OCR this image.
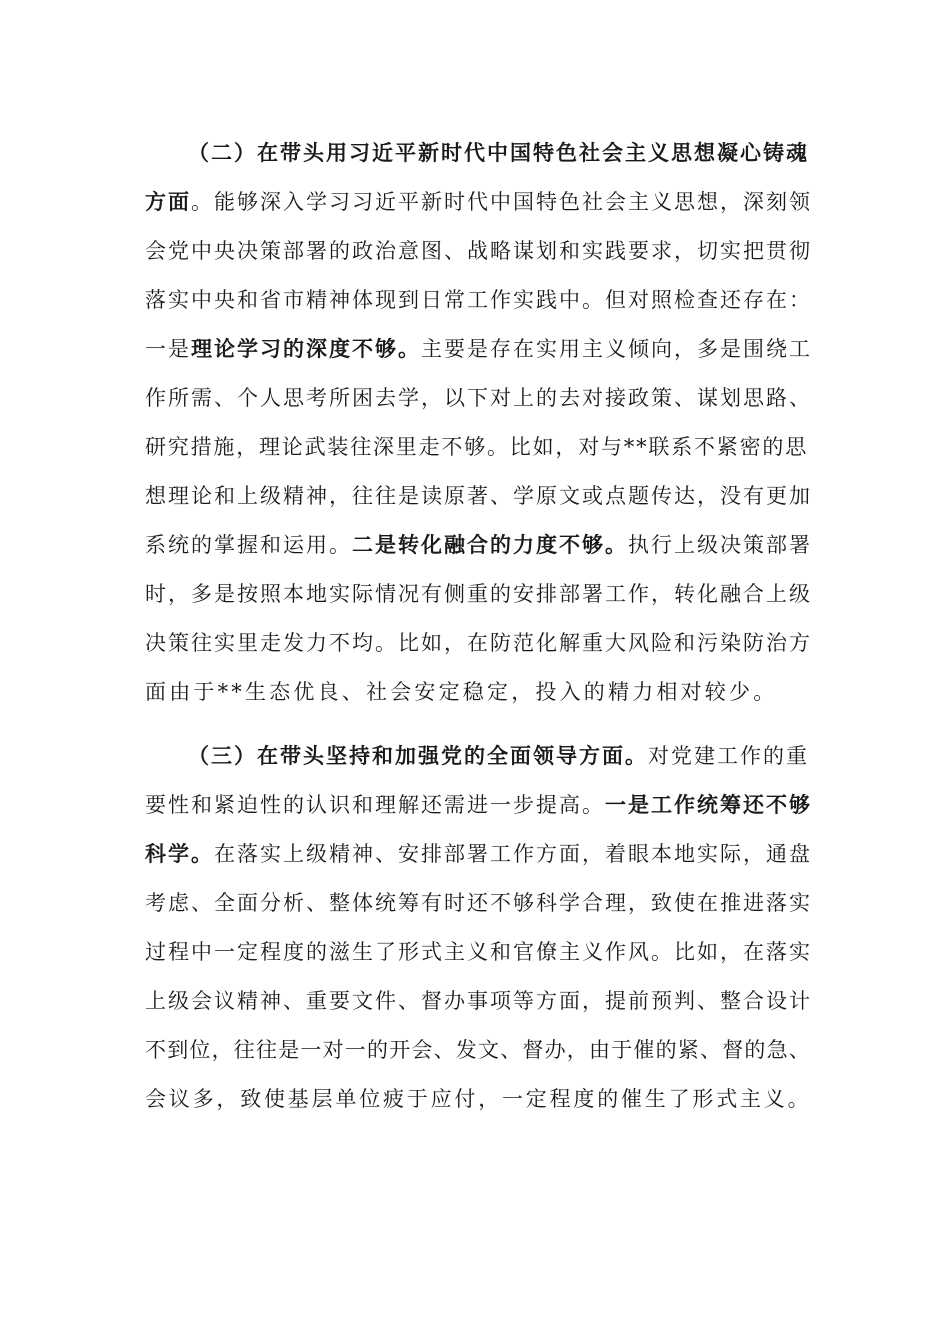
（二）在带头用习近平新时代中国特色社会主义思想凝心铸魂
方面。能够深入学习习近平新时代中国特色社会主义思想，深刻领
会党中央决策部署的政治意图、战略谋划和实践要求，切实把贯彻
落实中央和省市精神体现到日常工作实践中。但对照检查还存在：
一是理论学习的深度不够。主要是存在实用主义倾向，多是围绕工
作所需、个人思考所困去学，以下对上的去对接政策、谋划思路、
研究措施，理论武装往深里走不够。比如，对与**联系不紧密的思
想理论和上级精神，往往是读原著、学原文或点题传达，没有更加
系统的掌握和运用。二是转化融合的力度不够。执行上级决策部署
时，多是按照本地实际情况有侧重的安排部署工作，转化融合上级
决策往实里走发力不均。比如，在防范化解重大风险和污染防治方
面由于**生态优良、社会安定稳定，投入的精力相对较少。
（三）在带头坚持和加强党的全面领导方面。对党建工作的重
要性和紧迫性的认识和理解还需进一步提高。一是工作统筹还不够
科学。在落实上级精神、安排部署工作方面，着眼本地实际，通盘
考虑、全面分析、整体统筹有时还不够科学合理，致使在推进落实
过程中一定程度的滋生了形式主义和官僚主义作风。比如，在落实
上级会议精神、重要文件、督办事项等方面，提前预判、整合设计
不到位，往往是一对一的开会、发文、督办，由于催的紧、督的急、
会议多，致使基层单位疲于应付，一定程度的催生了形式主义。
